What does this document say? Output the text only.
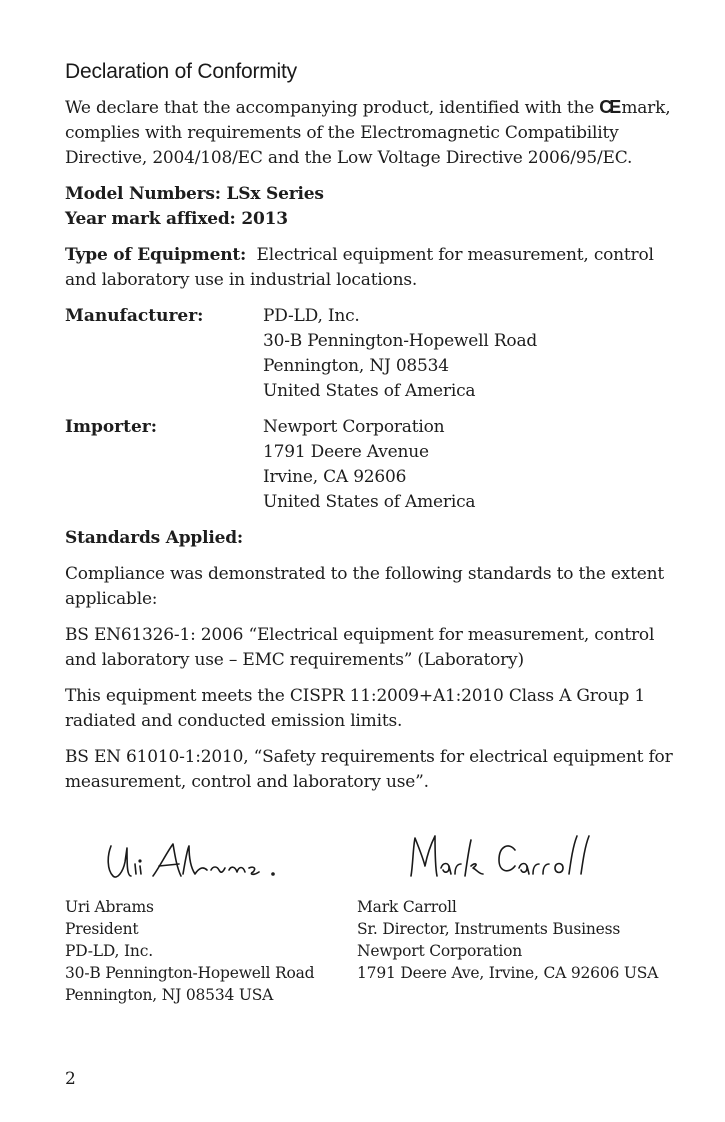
Declaration of Conformity

We declare that the accompanying product, identified with the CE mark, complies with requirements of the Electromagnetic Compatibility Directive, 2004/108/EC and the Low Voltage Directive 2006/95/EC.

Model Numbers: LSx Series

Year mark affixed: 2013

Type of Equipment: Electrical equipment for measurement, control and laboratory use in industrial locations.

Manufacturer:	PD-LD, Inc.
30-B Pennington-Hopewell Road
Pennington, NJ 08534
United States of America
Importer:	Newport Corporation
1791 Deere Avenue
Irvine, CA 92606
United States of America

Standards Applied:

Compliance was demonstrated to the following standards to the extent applicable:

BS EN61326-1: 2006 “Electrical equipment for measurement, control and laboratory use – EMC requirements” (Laboratory)

This equipment meets the CISPR 11:2009+A1:2010 Class A Group 1 radiated and conducted emission limits.

BS EN 61010-1:2010, “Safety requirements for electrical equipment for measurement, control and laboratory use”.

Uri Abrams
President
PD-LD, Inc.
30-B Pennington-Hopewell Road
Pennington, NJ 08534 USA
Mark Carroll
Sr. Director, Instruments Business
Newport Corporation
1791 Deere Ave, Irvine, CA 92606 USA
2
